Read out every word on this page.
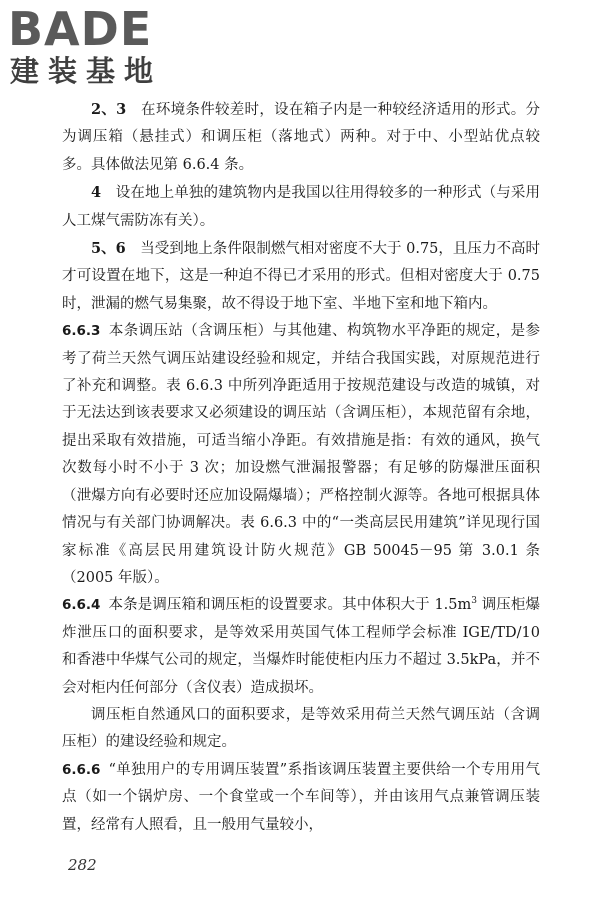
BADE
建装基地

2、3  在环境条件较差时，设在箱子内是一种较经济适用的形式。分为调压箱（悬挂式）和调压柜（落地式）两种。对于中、小型站优点较多。具体做法见第 6.6.4 条。

4  设在地上单独的建筑物内是我国以往用得较多的一种形式（与采用人工煤气需防冻有关）。

5、6  当受到地上条件限制燃气相对密度不大于 0.75，且压力不高时才可设置在地下，这是一种迫不得已才采用的形式。但相对密度大于 0.75 时，泄漏的燃气易集聚，故不得设于地下室、半地下室和地下箱内。

6.6.3 本条调压站（含调压柜）与其他建、构筑物水平净距的规定，是参考了荷兰天然气调压站建设经验和规定，并结合我国实践，对原规范进行了补充和调整。表 6.6.3 中所列净距适用于按规范建设与改造的城镇，对于无法达到该表要求又必须建设的调压站（含调压柜），本规范留有余地，提出采取有效措施，可适当缩小净距。有效措施是指：有效的通风，换气次数每小时不小于 3 次；加设燃气泄漏报警器；有足够的防爆泄压面积（泄爆方向有必要时还应加设隔爆墙）；严格控制火源等。各地可根据具体情况与有关部门协调解决。表 6.6.3 中的“一类高层民用建筑”详见现行国家标准《高层民用建筑设计防火规范》GB 50045－95 第 3.0.1 条（2005 年版）。

6.6.4 本条是调压箱和调压柜的设置要求。其中体积大于 $1.5m^3$ 调压柜爆炸泄压口的面积要求，是等效采用英国气体工程师学会标准 IGE/TD/10 和香港中华煤气公司的规定，当爆炸时能使柜内压力不超过 3.5kPa，并不会对柜内任何部分（含仪表）造成损坏。

调压柜自然通风口的面积要求，是等效采用荷兰天然气调压站（含调压柜）的建设经验和规定。

6.6.6 “单独用户的专用调压装置”系指该调压装置主要供给一个专用用气点（如一个锅炉房、一个食堂或一个车间等），并由该用气点兼管调压装置，经常有人照看，且一般用气量较小，

282
